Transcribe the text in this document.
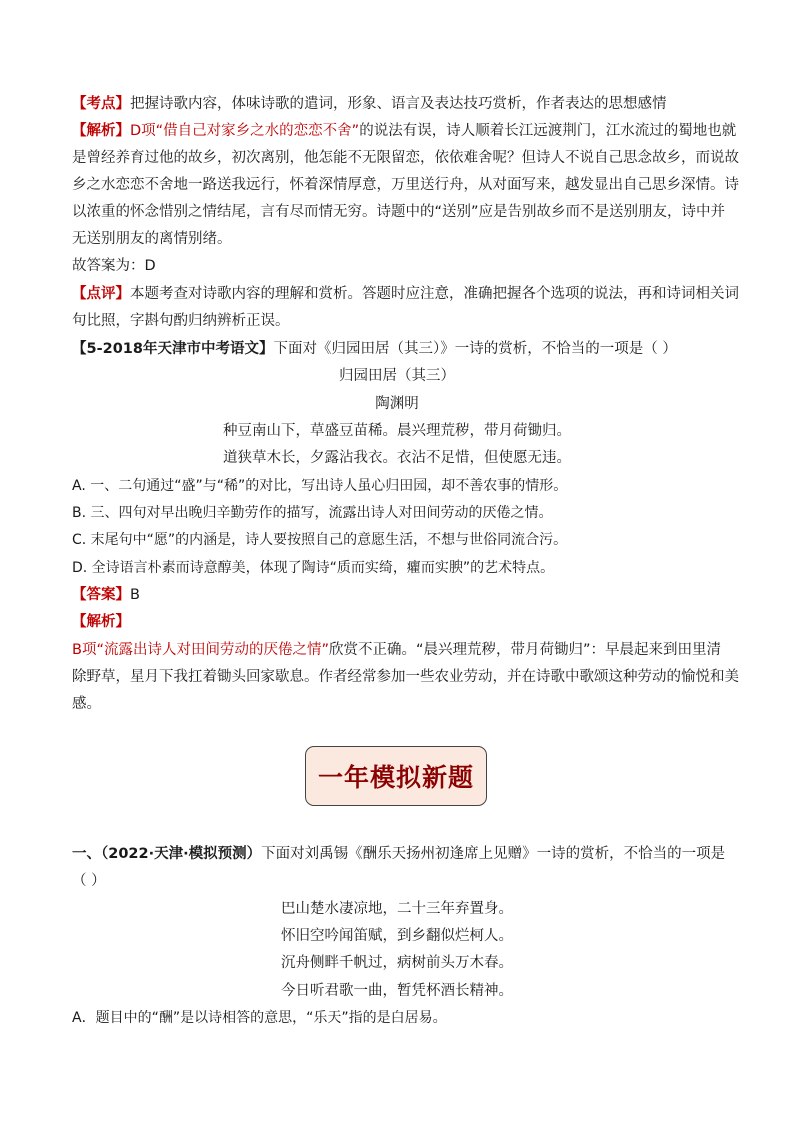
【考点】把握诗歌内容，体味诗歌的遣词，形象、语言及表达技巧赏析，作者表达的思想感情
【解析】D项“借自己对家乡之水的恋恋不舍”的说法有误，诗人顺着长江远渡荆门，江水流过的蜀地也就
是曾经养育过他的故乡，初次离别，他怎能不无限留恋，依依难舍呢？但诗人不说自己思念故乡，而说故
乡之水恋恋不舍地一路送我远行，怀着深情厚意，万里送行舟，从对面写来，越发显出自己思乡深情。诗
以浓重的怀念惜别之情结尾，言有尽而情无穷。诗题中的“送别”应是告别故乡而不是送别朋友，诗中并
无送别朋友的离情别绪。
故答案为：D
【点评】本题考查对诗歌内容的理解和赏析。答题时应注意，准确把握各个选项的说法，再和诗词相关词
句比照，字斟句酌归纳辨析正误。
【5-2018年天津市中考语文】下面对《归园田居（其三）》一诗的赏析，不恰当的一项是（ ）
归园田居（其三）
陶渊明
种豆南山下，草盛豆苗稀。晨兴理荒秽，带月荷锄归。
道狭草木长，夕露沾我衣。衣沾不足惜，但使愿无违。
A. 一、二句通过“盛”与“稀”的对比，写出诗人虽心归田园，却不善农事的情形。
B. 三、四句对早出晚归辛勤劳作的描写，流露出诗人对田间劳动的厌倦之情。
C. 末尾句中“愿”的内涵是，诗人要按照自己的意愿生活，不想与世俗同流合污。
D. 全诗语言朴素而诗意醇美，体现了陶诗“质而实绮，癯而实腴”的艺术特点。
【答案】B
【解析】
B项“流露出诗人对田间劳动的厌倦之情”欣赏不正确。“晨兴理荒秽，带月荷锄归”：早晨起来到田里清
除野草，星月下我扛着锄头回家歇息。作者经常参加一些农业劳动，并在诗歌中歌颂这种劳动的愉悦和美
感。
一年模拟新题
一、（2022·天津·模拟预测）下面对刘禹锡《酬乐天扬州初逢席上见赠》一诗的赏析，不恰当的一项是
（ ）
巴山楚水凄凉地，二十三年弃置身。
怀旧空吟闻笛赋，到乡翻似烂柯人。
沉舟侧畔千帆过，病树前头万木春。
今日听君歌一曲，暂凭杯酒长精神。
A．题目中的“酬”是以诗相答的意思，“乐天”指的是白居易。
